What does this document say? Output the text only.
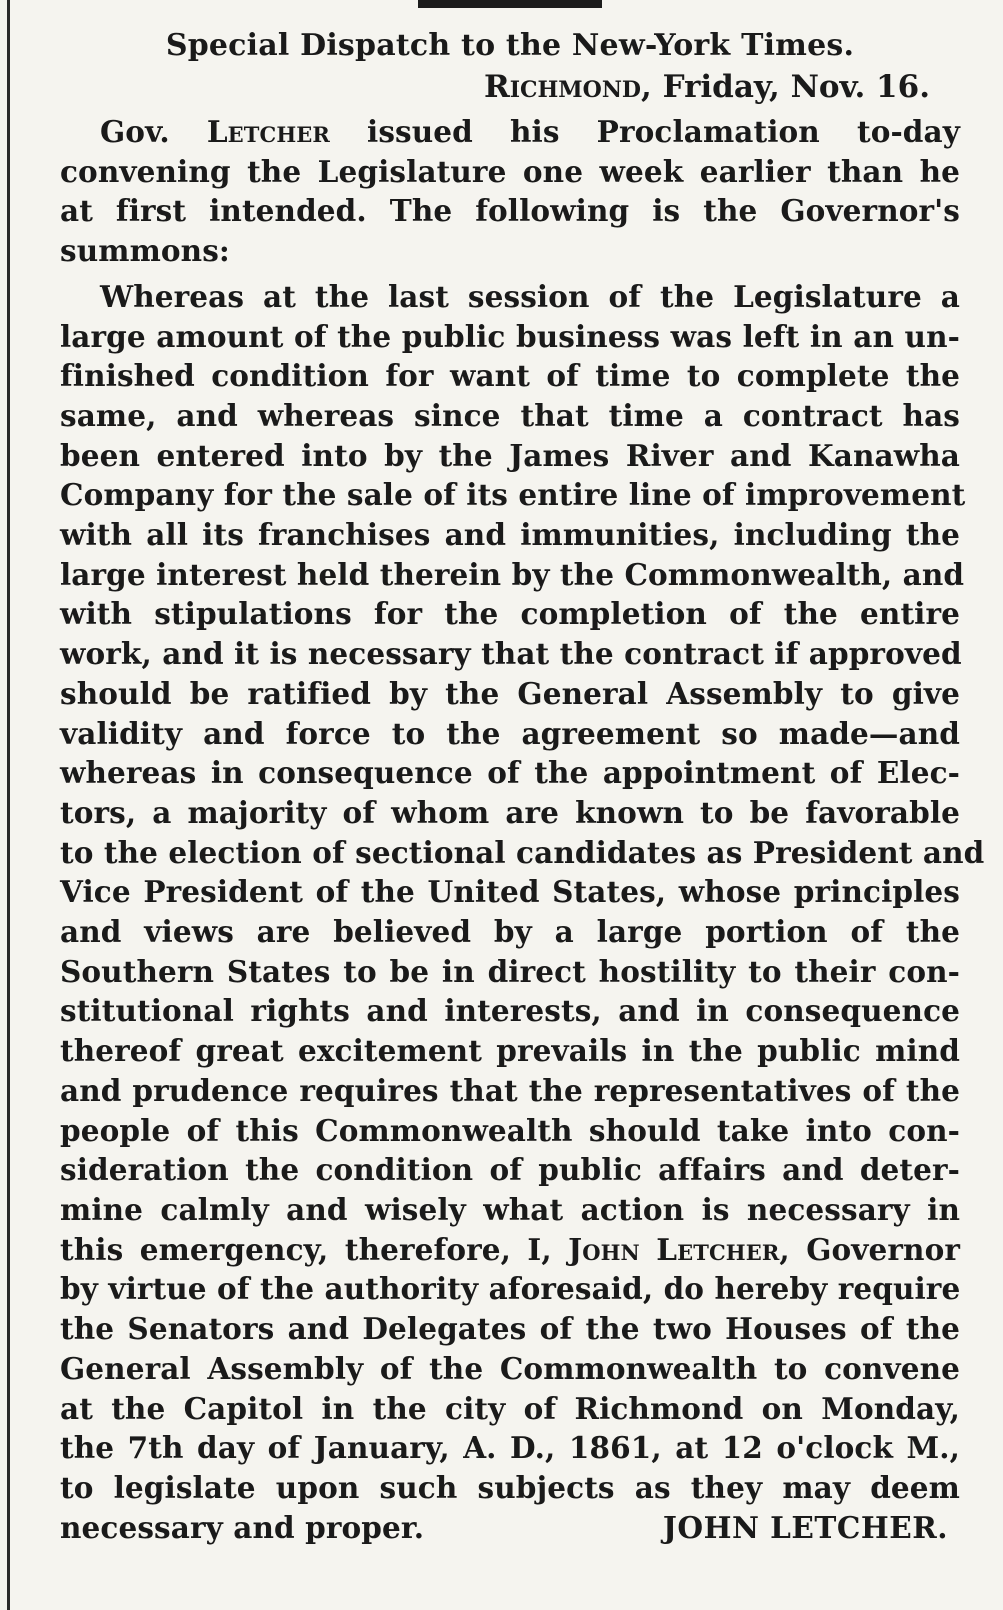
Special Dispatch to the New-York Times.

Richmond, Friday, Nov. 16.

Gov. Letcher issued his Proclamation to-day
convening the Legislature one week earlier than he
at first intended. The following is the Governor's
summons:
Whereas at the last session of the Legislature a
large amount of the public business was left in an un-
finished condition for want of time to complete the
same, and whereas since that time a contract has
been entered into by the James River and Kanawha
Company for the sale of its entire line of improvement
with all its franchises and immunities, including the
large interest held therein by the Commonwealth, and
with stipulations for the completion of the entire
work, and it is necessary that the contract if approved
should be ratified by the General Assembly to give
validity and force to the agreement so made—and
whereas in consequence of the appointment of Elec-
tors, a majority of whom are known to be favorable
to the election of sectional candidates as President and
Vice President of the United States, whose principles
and views are believed by a large portion of the
Southern States to be in direct hostility to their con-
stitutional rights and interests, and in consequence
thereof great excitement prevails in the public mind
and prudence requires that the representatives of the
people of this Commonwealth should take into con-
sideration the condition of public affairs and deter-
mine calmly and wisely what action is necessary in
this emergency, therefore, I, John Letcher, Governor
by virtue of the authority aforesaid, do hereby require
the Senators and Delegates of the two Houses of the
General Assembly of the Commonwealth to convene
at the Capitol in the city of Richmond on Monday,
the 7th day of January, A. D., 1861, at 12 o'clock M.,
to legislate upon such subjects as they may deem
necessary and proper.	JOHN LETCHER.
